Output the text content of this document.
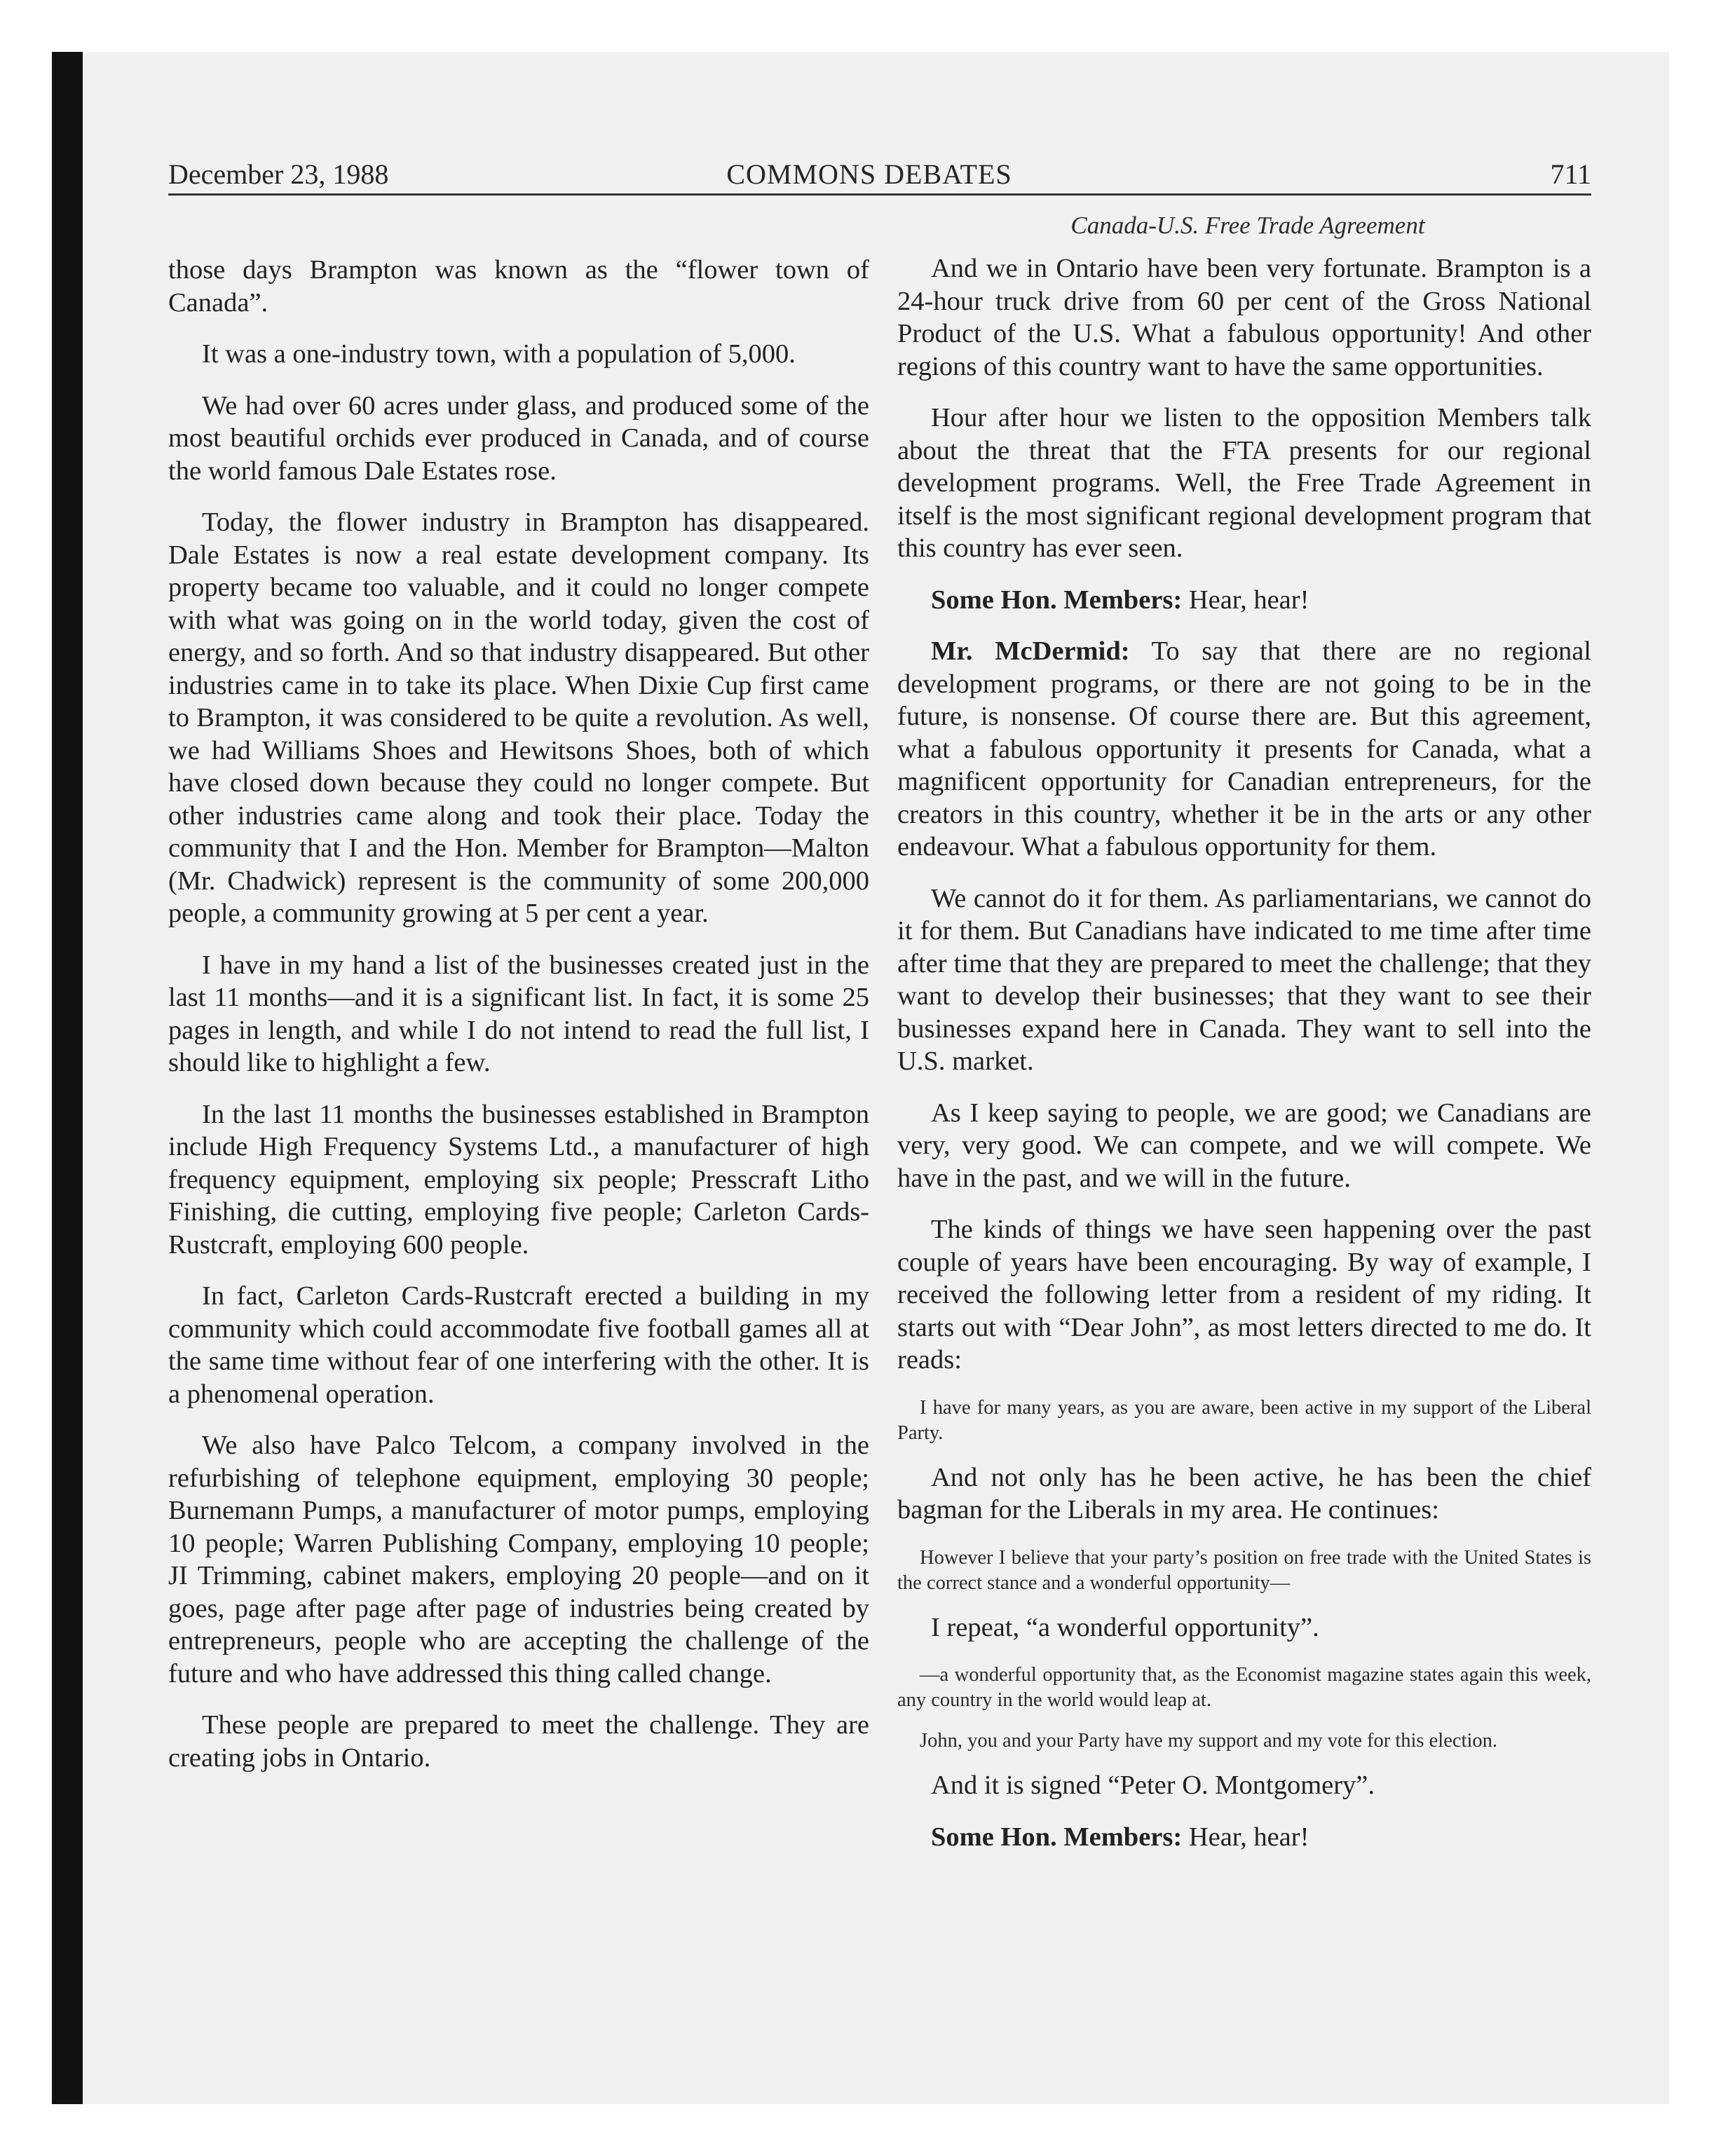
December 23, 1988	COMMONS DEBATES	711
Canada-U.S. Free Trade Agreement

those days Brampton was known as the “flower town of Canada”.

It was a one-industry town, with a population of 5,000.

We had over 60 acres under glass, and produced some of the most beautiful orchids ever produced in Canada, and of course the world famous Dale Estates rose.

Today, the flower industry in Brampton has disappeared. Dale Estates is now a real estate development company. Its property became too valuable, and it could no longer compete with what was going on in the world today, given the cost of energy, and so forth. And so that industry disappeared. But other industries came in to take its place. When Dixie Cup first came to Brampton, it was considered to be quite a revolution. As well, we had Williams Shoes and Hewitsons Shoes, both of which have closed down because they could no longer compete. But other industries came along and took their place. Today the community that I and the Hon. Member for Brampton—Malton (Mr. Chadwick) represent is the community of some 200,000 people, a community growing at 5 per cent a year.

I have in my hand a list of the businesses created just in the last 11 months—and it is a significant list. In fact, it is some 25 pages in length, and while I do not intend to read the full list, I should like to highlight a few.

In the last 11 months the businesses established in Brampton include High Frequency Systems Ltd., a manufacturer of high frequency equipment, employing six people; Presscraft Litho Finishing, die cutting, employing five people; Carleton Cards-Rustcraft, employing 600 people.

In fact, Carleton Cards-Rustcraft erected a building in my community which could accommodate five football games all at the same time without fear of one interfering with the other. It is a phenomenal operation.

We also have Palco Telcom, a company involved in the refurbishing of telephone equipment, employing 30 people; Burnemann Pumps, a manufacturer of motor pumps, employing 10 people; Warren Publishing Company, employing 10 people; JI Trimming, cabinet makers, employing 20 people—and on it goes, page after page after page of industries being created by entrepreneurs, people who are accepting the challenge of the future and who have addressed this thing called change.

These people are prepared to meet the challenge. They are creating jobs in Ontario.

And we in Ontario have been very fortunate. Brampton is a 24-hour truck drive from 60 per cent of the Gross National Product of the U.S. What a fabulous opportunity! And other regions of this country want to have the same opportunities.

Hour after hour we listen to the opposition Members talk about the threat that the FTA presents for our regional development programs. Well, the Free Trade Agreement in itself is the most significant regional development program that this country has ever seen.

Some Hon. Members: Hear, hear!

Mr. McDermid: To say that there are no regional development programs, or there are not going to be in the future, is nonsense. Of course there are. But this agreement, what a fabulous opportunity it presents for Canada, what a magnificent opportunity for Canadian entrepreneurs, for the creators in this country, whether it be in the arts or any other endeavour. What a fabulous opportunity for them.

We cannot do it for them. As parliamentarians, we cannot do it for them. But Canadians have indicated to me time after time after time that they are prepared to meet the challenge; that they want to develop their businesses; that they want to see their businesses expand here in Canada. They want to sell into the U.S. market.

As I keep saying to people, we are good; we Canadians are very, very good. We can compete, and we will compete. We have in the past, and we will in the future.

The kinds of things we have seen happening over the past couple of years have been encouraging. By way of example, I received the following letter from a resident of my riding. It starts out with “Dear John”, as most letters directed to me do. It reads:

I have for many years, as you are aware, been active in my support of the Liberal Party.

And not only has he been active, he has been the chief bagman for the Liberals in my area. He continues:

However I believe that your party’s position on free trade with the United States is the correct stance and a wonderful opportunity—

I repeat, “a wonderful opportunity”.

—a wonderful opportunity that, as the Economist magazine states again this week, any country in the world would leap at.

John, you and your Party have my support and my vote for this election.

And it is signed “Peter O. Montgomery”.

Some Hon. Members: Hear, hear!
